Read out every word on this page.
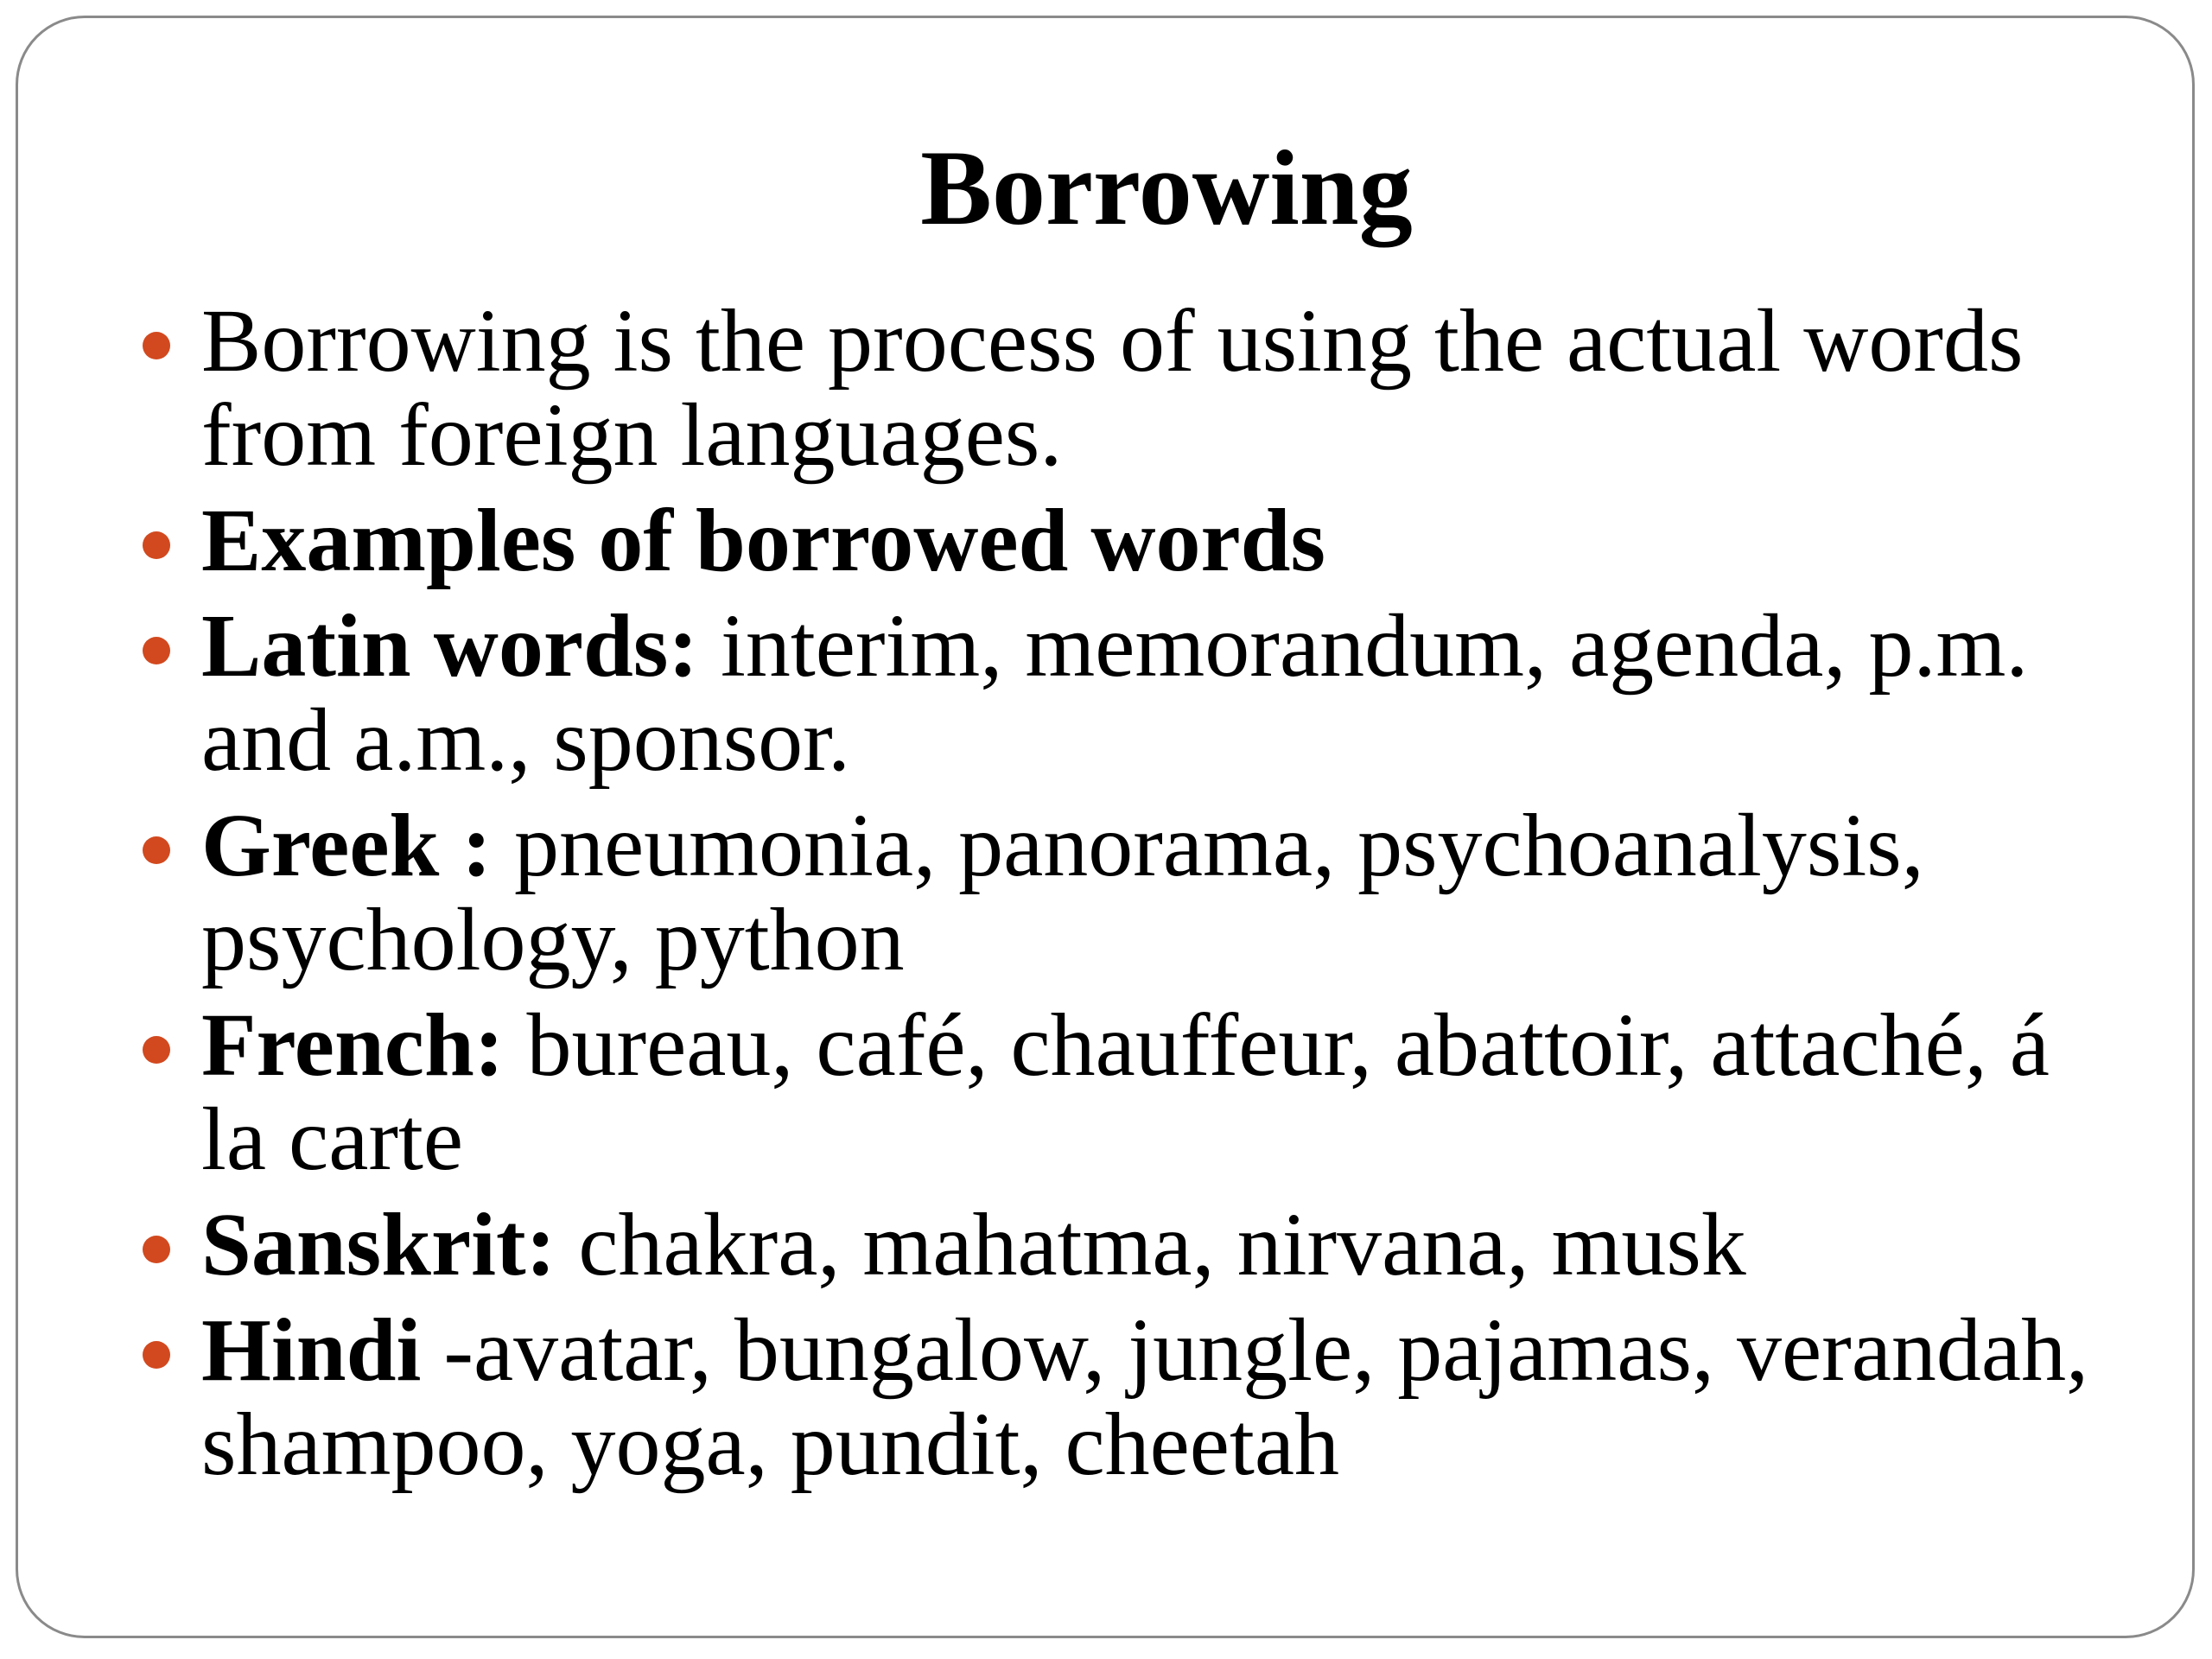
Borrowing
Borrowing is the process of using the actual words from foreign languages.
Examples of borrowed words
Latin words: interim, memorandum, agenda, p.m. and a.m., sponsor.
Greek : pneumonia, panorama, psychoanalysis, psychology, python
French: bureau, café, chauffeur, abattoir, attaché, á la carte
Sanskrit: chakra, mahatma, nirvana, musk
Hindi -avatar, bungalow, jungle, pajamas, verandah, shampoo, yoga, pundit, cheetah
